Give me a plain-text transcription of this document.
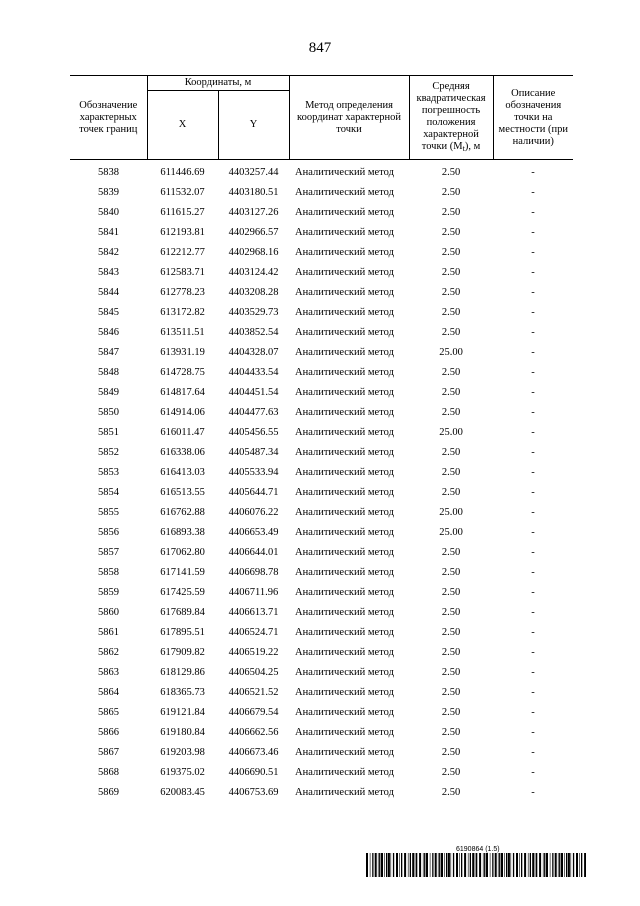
847
Обозначение характерных точек границ	Координаты, м		Метод определения координат характерной точки	Средняя квадратическая погрешность положения характерной точки $(M_t)$, м	Описание обозначения точки на местности (при наличии)
	X	Y			
5838	611446.69	4403257.44	Аналитический метод	2.50	-
5839	611532.07	4403180.51	Аналитический метод	2.50	-
5840	611615.27	4403127.26	Аналитический метод	2.50	-
5841	612193.81	4402966.57	Аналитический метод	2.50	-
5842	612212.77	4402968.16	Аналитический метод	2.50	-
5843	612583.71	4403124.42	Аналитический метод	2.50	-
5844	612778.23	4403208.28	Аналитический метод	2.50	-
5845	613172.82	4403529.73	Аналитический метод	2.50	-
5846	613511.51	4403852.54	Аналитический метод	2.50	-
5847	613931.19	4404328.07	Аналитический метод	25.00	-
5848	614728.75	4404433.54	Аналитический метод	2.50	-
5849	614817.64	4404451.54	Аналитический метод	2.50	-
5850	614914.06	4404477.63	Аналитический метод	2.50	-
5851	616011.47	4405456.55	Аналитический метод	25.00	-
5852	616338.06	4405487.34	Аналитический метод	2.50	-
5853	616413.03	4405533.94	Аналитический метод	2.50	-
5854	616513.55	4405644.71	Аналитический метод	2.50	-
5855	616762.88	4406076.22	Аналитический метод	25.00	-
5856	616893.38	4406653.49	Аналитический метод	25.00	-
5857	617062.80	4406644.01	Аналитический метод	2.50	-
5858	617141.59	4406698.78	Аналитический метод	2.50	-
5859	617425.59	4406711.96	Аналитический метод	2.50	-
5860	617689.84	4406613.71	Аналитический метод	2.50	-
5861	617895.51	4406524.71	Аналитический метод	2.50	-
5862	617909.82	4406519.22	Аналитический метод	2.50	-
5863	618129.86	4406504.25	Аналитический метод	2.50	-
5864	618365.73	4406521.52	Аналитический метод	2.50	-
5865	619121.84	4406679.54	Аналитический метод	2.50	-
5866	619180.84	4406662.56	Аналитический метод	2.50	-
5867	619203.98	4406673.46	Аналитический метод	2.50	-
5868	619375.02	4406690.51	Аналитический метод	2.50	-
5869	620083.45	4406753.69	Аналитический метод	2.50	-
6190864 (1.5)
